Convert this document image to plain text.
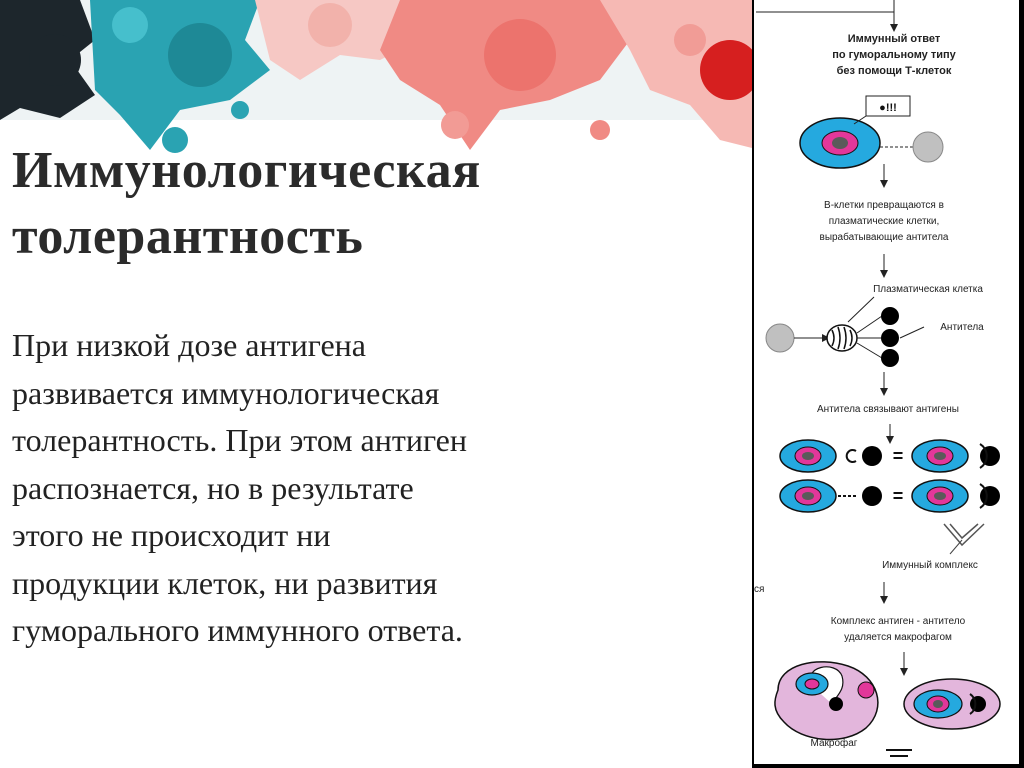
Иммунологическая
толерантность
При низкой дозе антигена
развивается иммунологическая
толерантность. При этом антиген
распознается, но в результате
этого не происходит ни
продукции клеток, ни развития
гуморального иммунного ответа.
Иммунный ответ
по гуморальному типу
без помощи Т-клеток
●!!!
В-клетки превращаются в
плазматические клетки,
вырабатывающие антитела
Плазматическая клетка
Антитела
Антитела связывают антигены
=
=
Иммунный комплекс
ся
Комплекс антиген - антитело
удаляется макрофагом
Макрофаг
